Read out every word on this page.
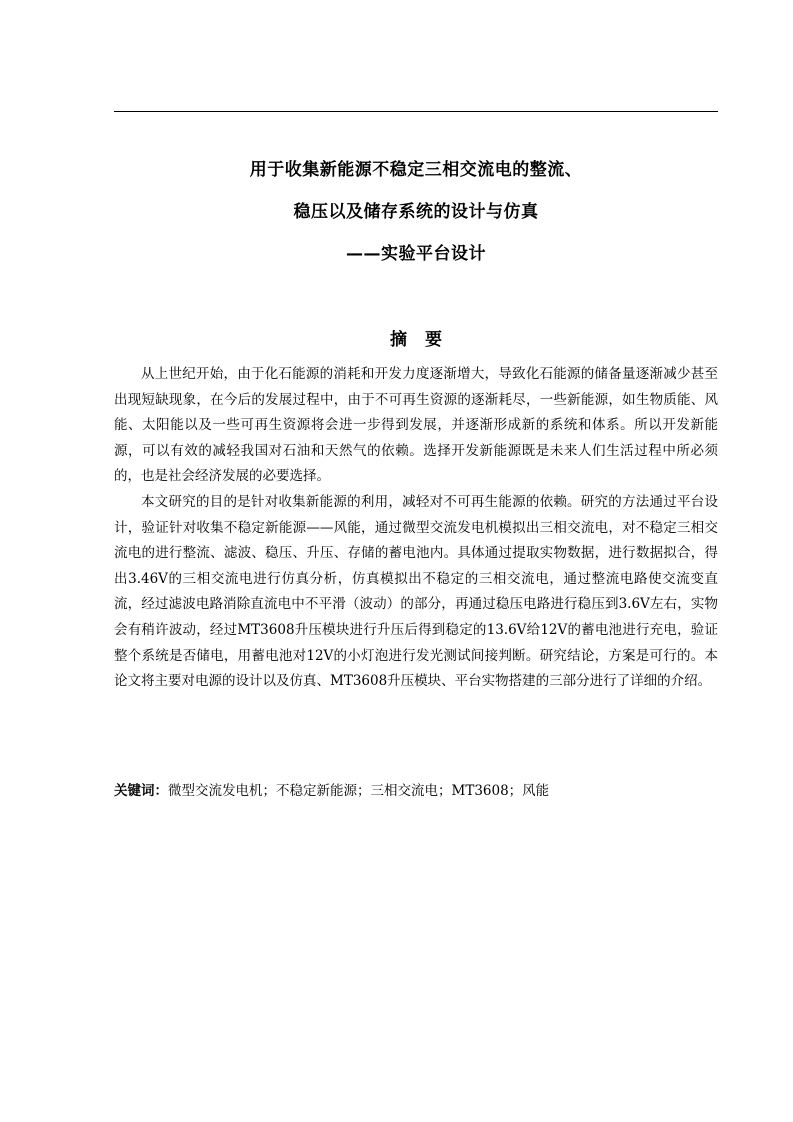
用于收集新能源不稳定三相交流电的整流、
稳压以及储存系统的设计与仿真
——实验平台设计
摘要

从上世纪开始，由于化石能源的消耗和开发力度逐渐增大，导致化石能源的储备量逐渐减少甚至出现短缺现象，在今后的发展过程中，由于不可再生资源的逐渐耗尽，一些新能源，如生物质能、风能、太阳能以及一些可再生资源将会进一步得到发展，并逐渐形成新的系统和体系。所以开发新能源，可以有效的减轻我国对石油和天然气的依赖。选择开发新能源既是未来人们生活过程中所必须的，也是社会经济发展的必要选择。

本文研究的目的是针对收集新能源的利用，减轻对不可再生能源的依赖。研究的方法通过平台设计，验证针对收集不稳定新能源——风能，通过微型交流发电机模拟出三相交流电，对不稳定三相交流电的进行整流、滤波、稳压、升压、存储的蓄电池内。具体通过提取实物数据，进行数据拟合，得出3.46V的三相交流电进行仿真分析，仿真模拟出不稳定的三相交流电，通过整流电路使交流变直流，经过滤波电路消除直流电中不平滑（波动）的部分，再通过稳压电路进行稳压到3.6V左右，实物会有稍许波动，经过MT3608升压模块进行升压后得到稳定的13.6V给12V的蓄电池进行充电，验证整个系统是否储电，用蓄电池对12V的小灯泡进行发光测试间接判断。研究结论，方案是可行的。本论文将主要对电源的设计以及仿真、MT3608升压模块、平台实物搭建的三部分进行了详细的介绍。

关键词：微型交流发电机；不稳定新能源；三相交流电；MT3608；风能
